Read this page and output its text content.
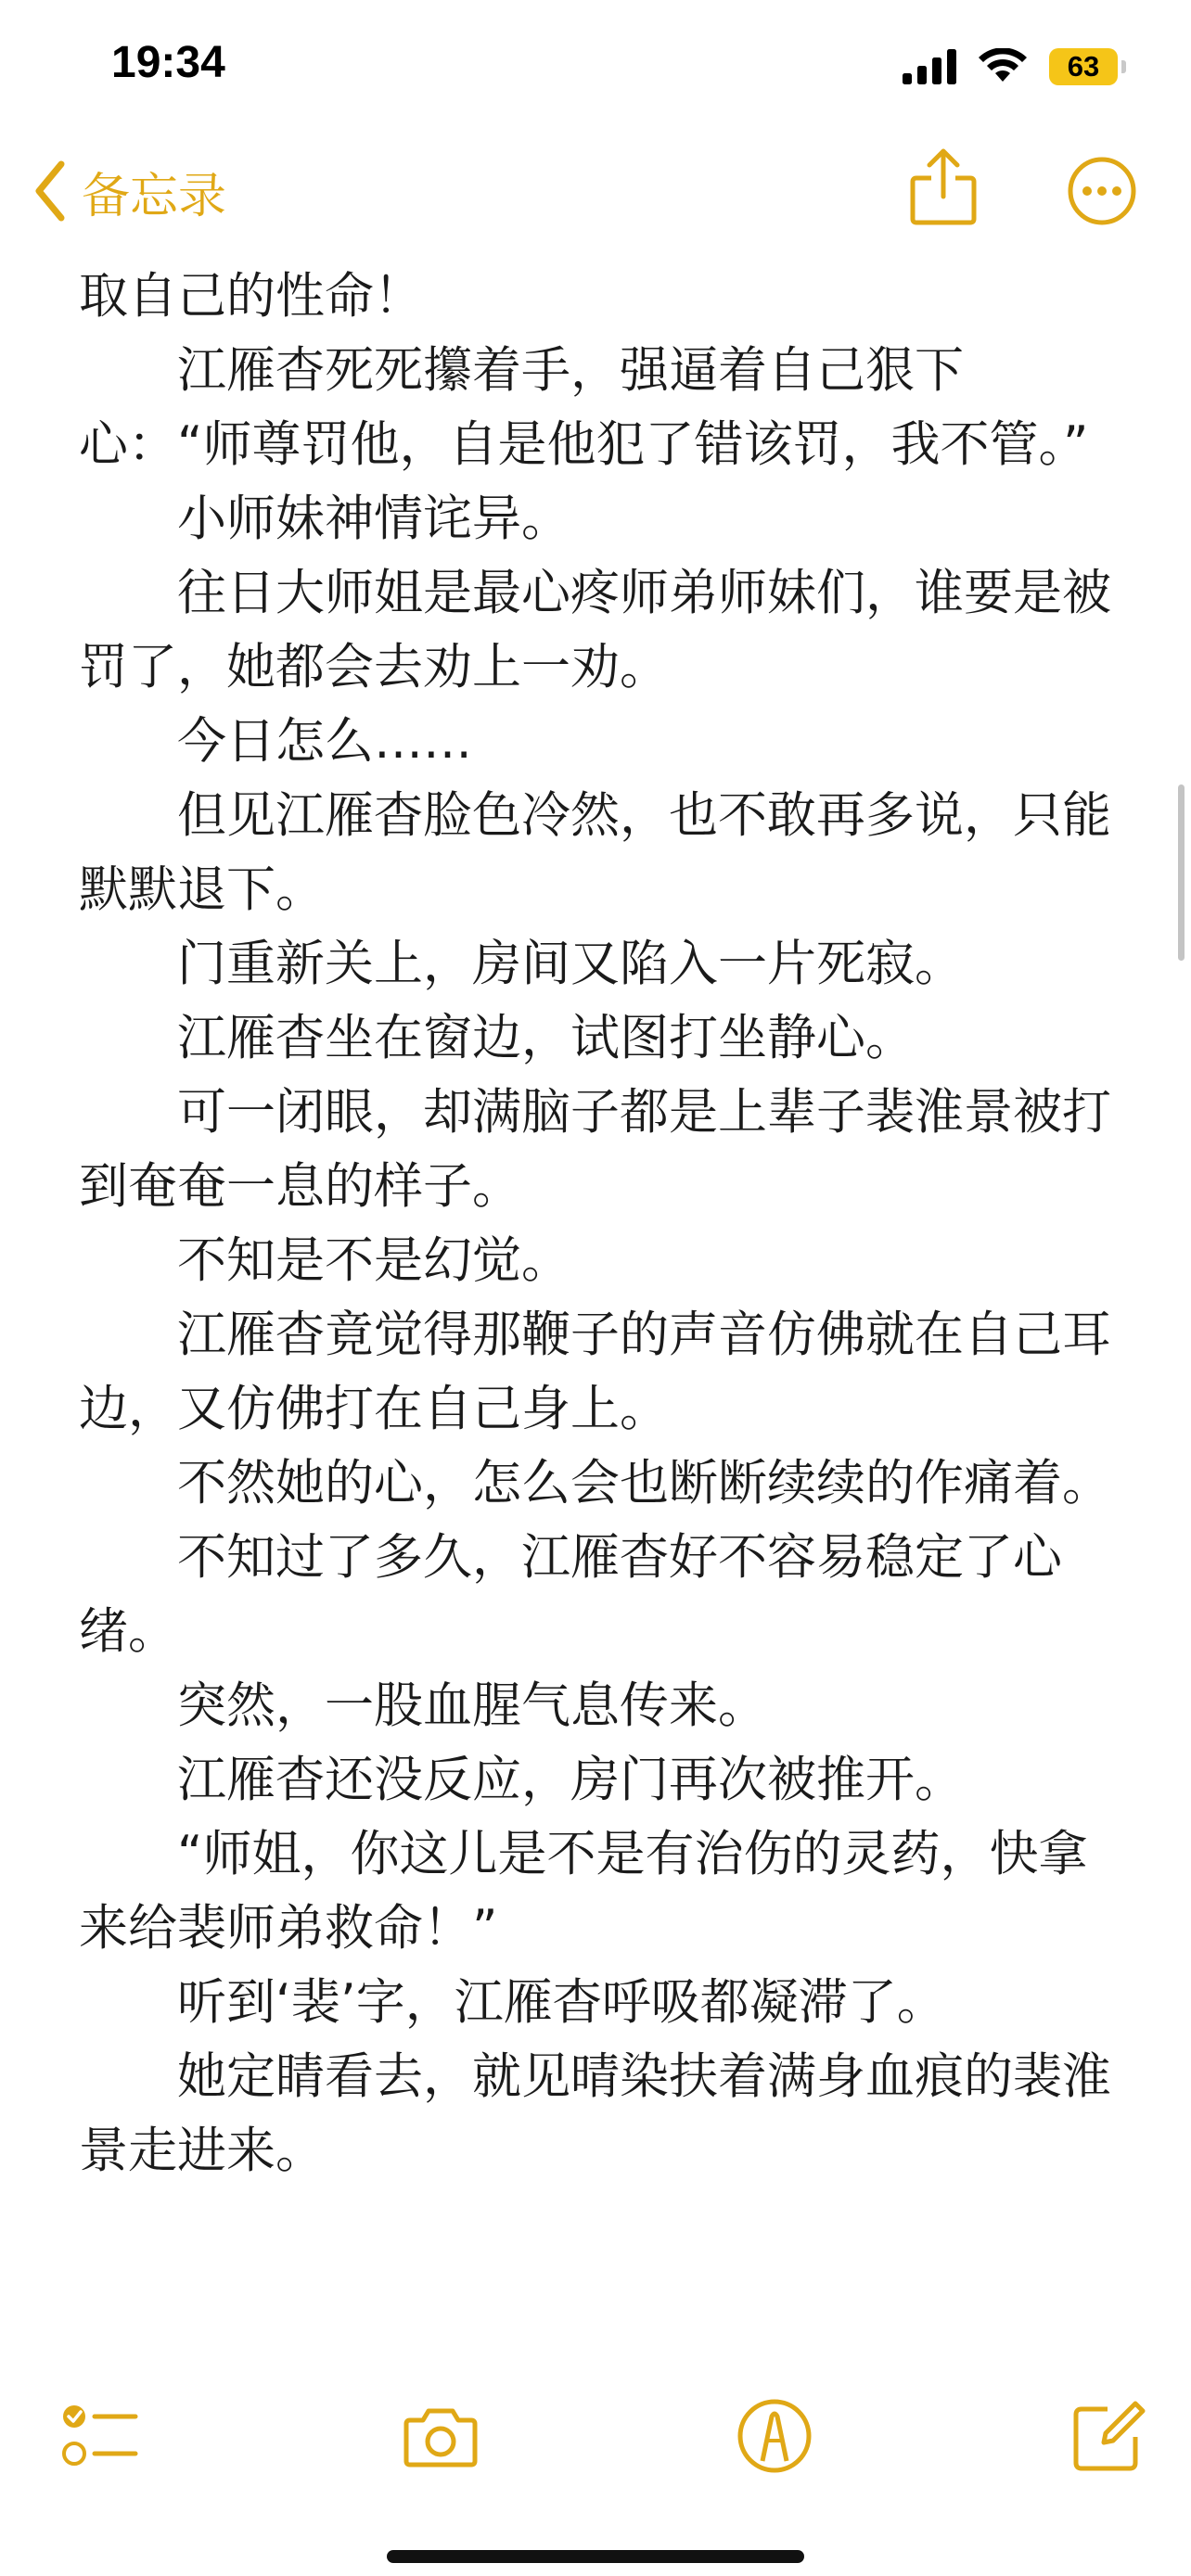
19:34	63
备忘录

取自己的性命！

　　江雁杳死死攥着手，强逼着自己狠下心：“师尊罚他，自是他犯了错该罚，我不管。”

　　小师妹神情诧异。

　　往日大师姐是最心疼师弟师妹们，谁要是被罚了，她都会去劝上一劝。

　　今日怎么……

　　但见江雁杳脸色冷然，也不敢再多说，只能默默退下。

　　门重新关上，房间又陷入一片死寂。

　　江雁杳坐在窗边，试图打坐静心。

　　可一闭眼，却满脑子都是上辈子裴淮景被打到奄奄一息的样子。

　　不知是不是幻觉。

　　江雁杳竟觉得那鞭子的声音仿佛就在自己耳边，又仿佛打在自己身上。

　　不然她的心，怎么会也断断续续的作痛着。

　　不知过了多久，江雁杳好不容易稳定了心绪。

　　突然，一股血腥气息传来。

　　江雁杳还没反应，房门再次被推开。

　　“师姐，你这儿是不是有治伤的灵药，快拿来给裴师弟救命！”

　　听到‘裴’字，江雁杳呼吸都凝滞了。

　　她定睛看去，就见晴染扶着满身血痕的裴淮景走进来。
